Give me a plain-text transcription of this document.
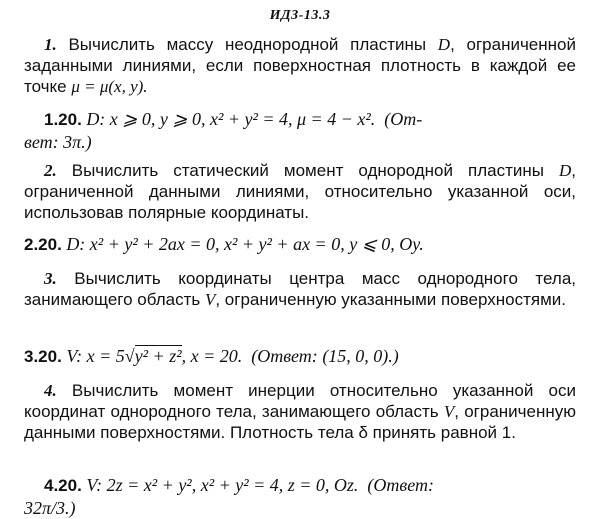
ИДЗ-13.3

1. Вычислить массу неоднородной пластины D, ограниченной заданными линиями, если поверхностная плотность в каждой ее точке μ = μ(x, y).

1.20. D: x ⩾ 0, y ⩾ 0, x² + y² = 4, μ = 4 − x². (От-

вет: 3π.)

2. Вычислить статический момент однородной пластины D, ограниченной данными линиями, относительно указанной оси, использовав полярные координаты.

2.20. D: x² + y² + 2ax = 0, x² + y² + ax = 0, y ⩽ 0, Oy.

3. Вычислить координаты центра масс однородного тела, занимающего область V, ограниченную указанными поверхностями.

3.20. V: x = 5√y² + z², x = 20. (Ответ: (15, 0, 0).)

4. Вычислить момент инерции относительно указанной оси координат однородного тела, занимающего область V, ограниченную данными поверхностями. Плотность тела δ принять равной 1.

4.20. V: 2z = x² + y², x² + y² = 4, z = 0, Oz. (Ответ:

32π/3.)
